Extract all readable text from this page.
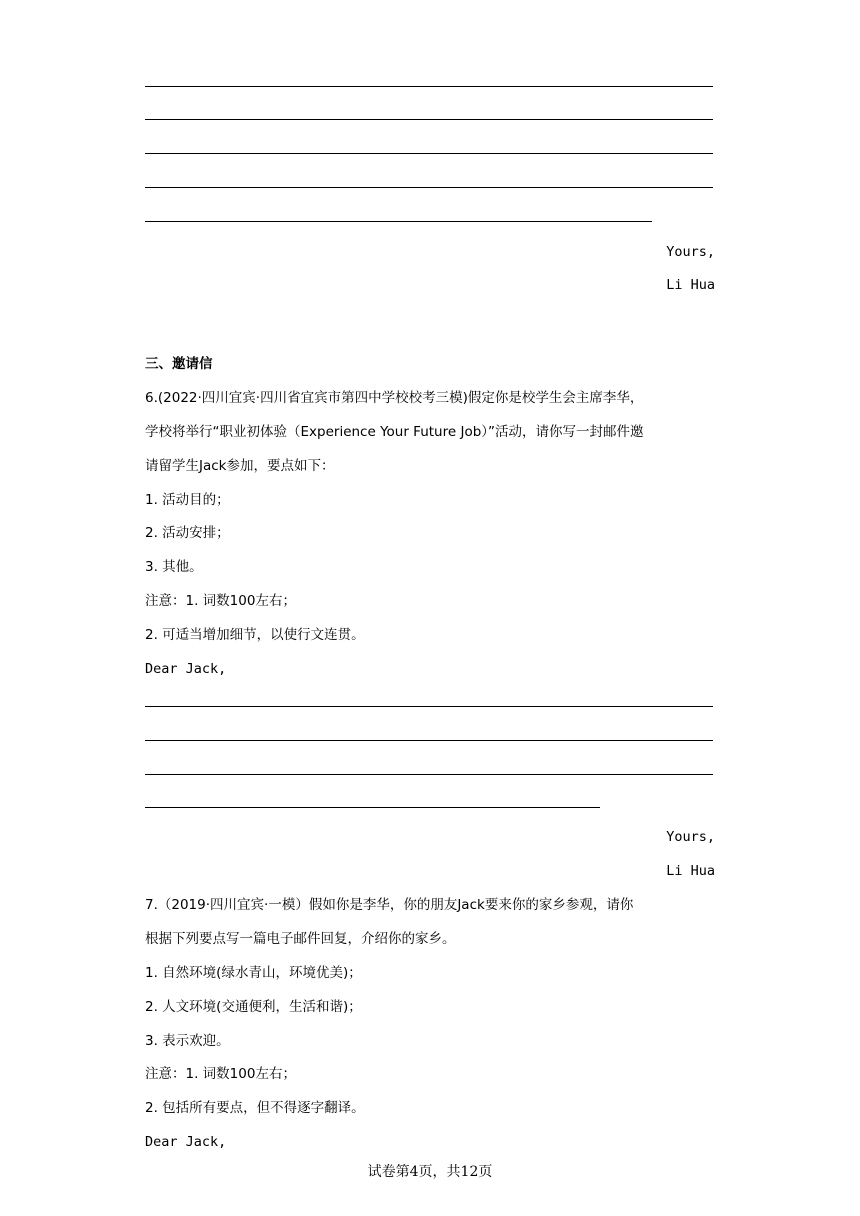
Yours,
Li Hua
三、邀请信
6.(2022·四川宜宾·四川省宜宾市第四中学校校考三模)假定你是校学生会主席李华，
学校将举行“职业初体验（Experience Your Future Job）”活动，请你写一封邮件邀
请留学生Jack参加，要点如下：
1. 活动目的；
2. 活动安排；
3. 其他。
注意：1. 词数100左右；
2. 可适当增加细节，以使行文连贯。
Dear Jack,
Yours,
Li Hua
7.（2019·四川宜宾·一模）假如你是李华，你的朋友Jack要来你的家乡参观，请你
根据下列要点写一篇电子邮件回复，介绍你的家乡。
1. 自然环境(绿水青山，环境优美)；
2. 人文环境(交通便利，生活和谐)；
3. 表示欢迎。
注意：1. 词数100左右；
2. 包括所有要点，但不得逐字翻译。
Dear Jack,
试卷第4页，共12页
